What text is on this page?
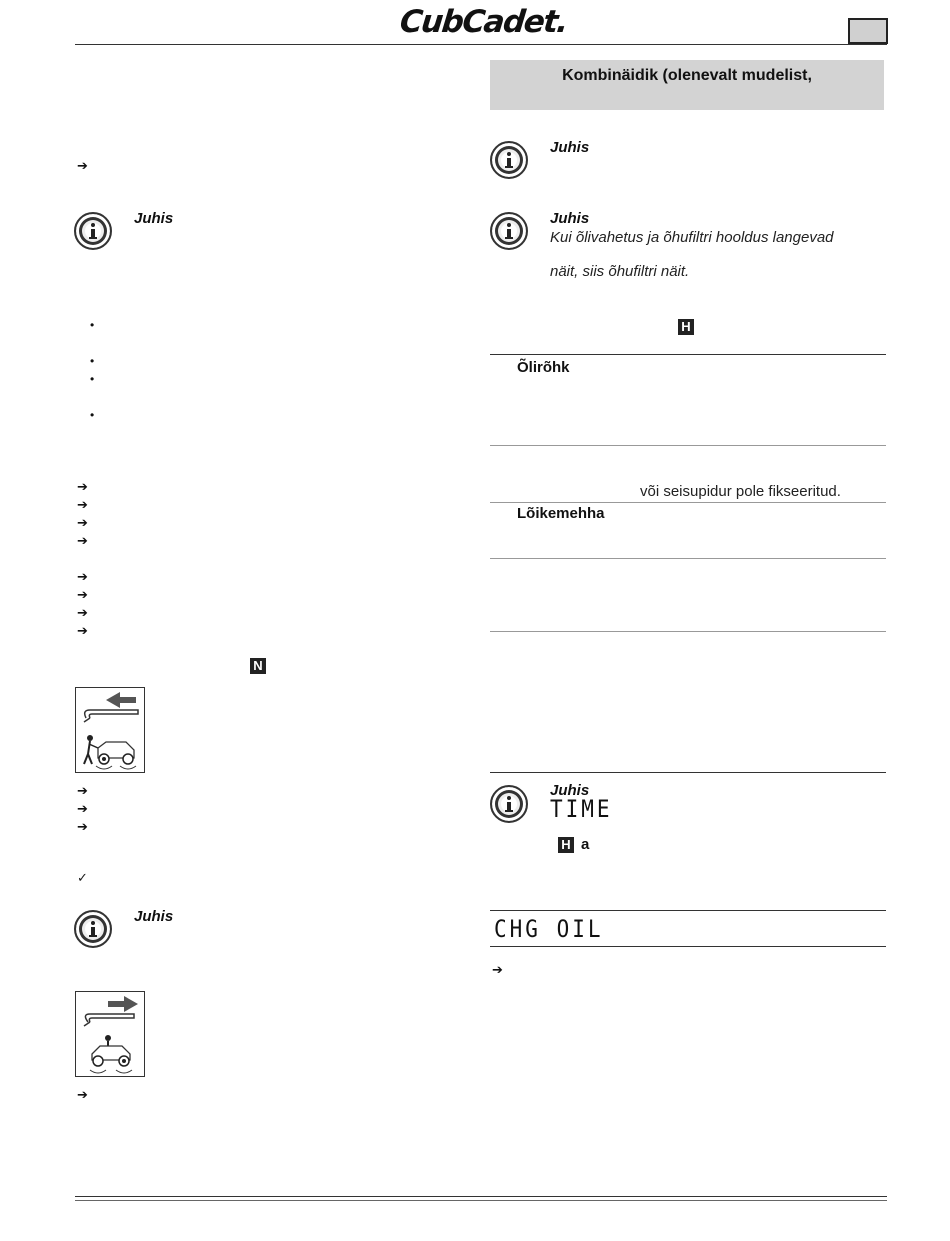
CubCadet.
➔
Juhis
•
•
•
•
➔
➔
➔
➔
➔
➔
➔
➔
N
➔
➔
➔
✓
Juhis
➔
Kombinäidik (olenevalt mudelist,
Juhis
Juhis
Kui õlivahetus ja õhufiltri hooldus langevad
näit, siis õhufiltri näit.
H
Õlirõhk
või seisupidur pole fikseeritud.
Lõikemehha
Juhis
TIME
H a
CHG OIL
➔
